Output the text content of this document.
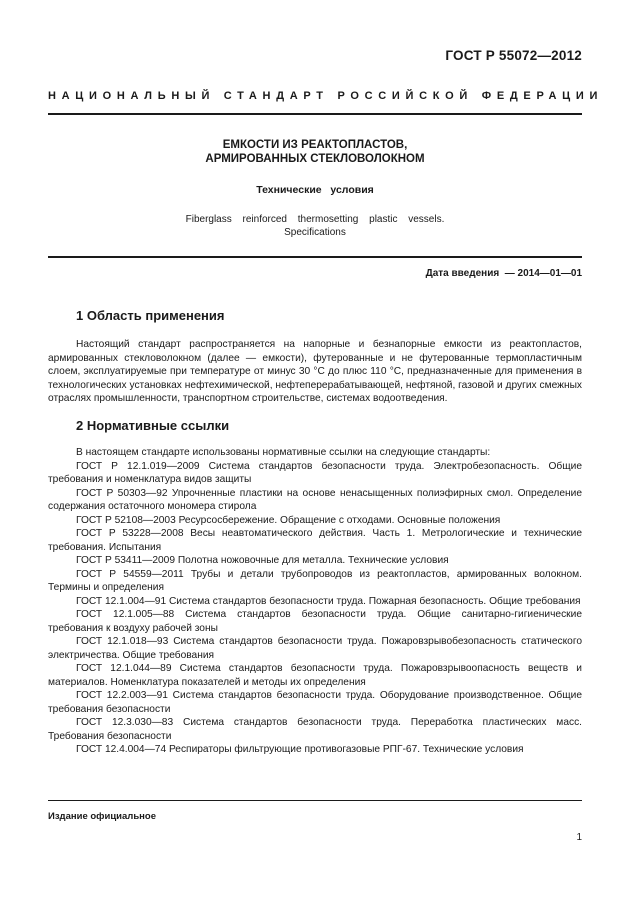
ГОСТ Р 55072—2012
НАЦИОНАЛЬНЫЙ СТАНДАРТ РОССИЙСКОЙ ФЕДЕРАЦИИ
ЕМКОСТИ ИЗ РЕАКТОПЛАСТОВ,
АРМИРОВАННЫХ СТЕКЛОВОЛОКНОМ
Технические   условия
Fiberglass reinforced thermosetting plastic vessels.
Specifications
Дата введения  — 2014—01—01
1 Область применения
Настоящий стандарт распространяется на напорные и безнапорные емкости из реактопластов, армированных стекловолокном (далее — емкости), футерованные и не футерованные термопластичным слоем, эксплуатируемые при температуре от минус 30 °С до плюс 110 °С, предназначенные для применения в технологических установках нефтехимической, нефтеперерабатывающей, нефтяной, газовой и других смежных отраслях промышленности, транспортном строительстве, системах водоотведения.
2 Нормативные ссылки
В настоящем стандарте использованы нормативные ссылки на следующие стандарты:
ГОСТ Р 12.1.019—2009 Система стандартов безопасности труда. Электробезопасность. Общие требования и номенклатура видов защиты
ГОСТ Р 50303—92 Упрочненные пластики на основе ненасыщенных полиэфирных смол. Определение содержания остаточного мономера стирола
ГОСТ Р 52108—2003 Ресурсосбережение. Обращение с отходами. Основные положения
ГОСТ Р 53228—2008 Весы неавтоматического действия. Часть 1. Метрологические и технические требования. Испытания
ГОСТ Р 53411—2009 Полотна ножовочные для металла. Технические условия
ГОСТ Р 54559—2011 Трубы и детали трубопроводов из реактопластов, армированных волокном. Термины и определения
ГОСТ 12.1.004—91 Система стандартов безопасности труда. Пожарная безопасность. Общие требования
ГОСТ 12.1.005—88 Система стандартов безопасности труда. Общие санитарно-гигиенические требования к воздуху рабочей зоны
ГОСТ 12.1.018—93 Система стандартов безопасности труда. Пожаровзрывобезопасность статического электричества. Общие требования
ГОСТ 12.1.044—89 Система стандартов безопасности труда. Пожаровзрывоопасность веществ и материалов. Номенклатура показателей и методы их определения
ГОСТ 12.2.003—91 Система стандартов безопасности труда. Оборудование производственное. Общие требования безопасности
ГОСТ 12.3.030—83 Система стандартов безопасности труда. Переработка пластических масс. Требования безопасности
ГОСТ 12.4.004—74 Респираторы фильтрующие противогазовые РПГ-67. Технические условия
Издание официальное
1
